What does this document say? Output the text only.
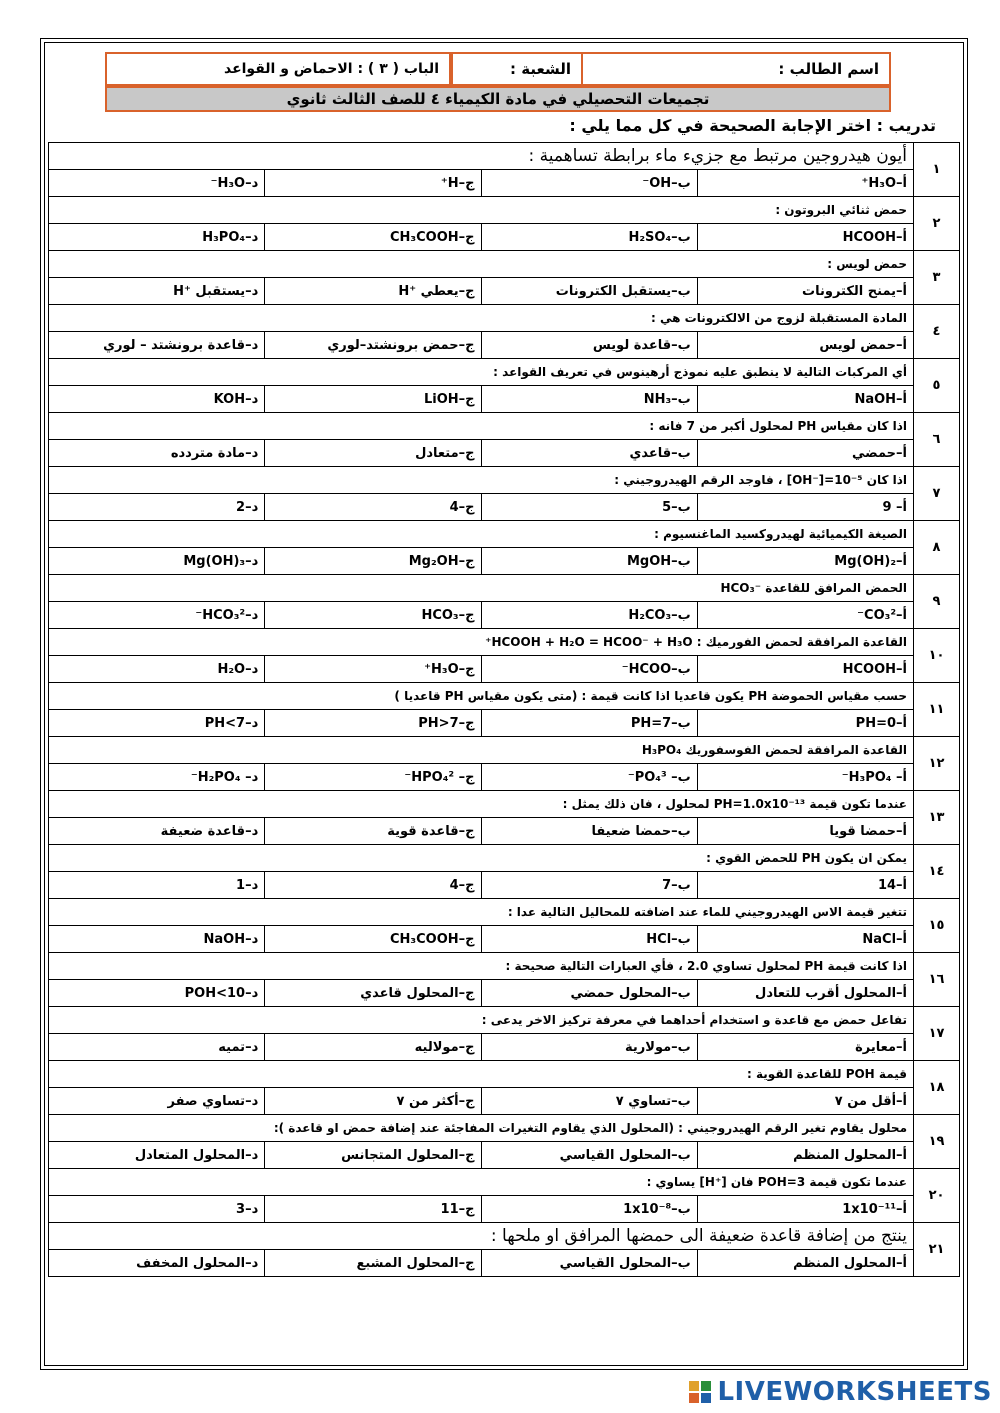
اسم الطالب :
الشعبة :
الباب ( ٣ ) : الاحماض و القواعد
تجميعات التحصيلي في مادة الكيمياء ٤ للصف الثالث ثانوي
تدريب : اختر الإجابة الصحيحة في كل مما يلي :
١	أيون هيدروجين مرتبط مع جزيء ماء برابطة تساهمية :			
	أ–H₃O⁺	ب–OH⁻	ج–H⁺	د–H₃O⁻
٢	حمض ثنائي البروتون :			
	أ–HCOOH	ب–H₂SO₄	ج–CH₃COOH	د–H₃PO₄
٣	حمض لويس :			
	أ–يمنح الكترونات	ب–يستقبل الكترونات	ج–يعطي ⁺H	د–يستقبل ⁺H
٤	المادة المستقبلة لزوج من الالكترونات هي :			
	أ–حمض لويس	ب–قاعدة لويس	ج–حمض برونشتد–لوري	د–قاعدة برونشتد – لوري
٥	أي المركبات التالية لا ينطبق عليه نموذج أرهينوس في تعريف القواعد :			
	أ–NaOH	ب–NH₃	ج–LiOH	د–KOH
٦	اذا كان مقياس PH لمحلول أكبر من 7 فانه :			
	أ–حمضي	ب–قاعدي	ج–متعادل	د–مادة متردده
٧	اذا كان ⁵⁻10=[⁻OH] ، فاوجد الرقم الهيدروجيني :			
	أ– 9	ب–5	ج–4	د–2
٨	الصيغة الكيميائية لهيدروكسيد الماغنسيوم :			
	أ–Mg(OH)₂	ب–MgOH	ج–Mg₂OH	د–Mg(OH)₃
٩	الحمض المرافق للقاعدة ⁻HCO₃			
	أ–CO₃²⁻	ب–H₂CO₃	ج–HCO₃	د–HCO₃²⁻
١٠	القاعدة المرافقة لحمض الفورميك : HCOOH + H₂O = HCOO⁻ + H₃O⁺			
	أ–HCOOH	ب–HCOO⁻	ج–H₃O⁺	د–H₂O
١١	حسب مقياس الحموضة PH يكون قاعديا اذا كانت قيمة : (متى يكون مقياس PH قاعديا )			
	أ–PH=0	ب–PH=7	ج–PH>7	د–PH<7
١٢	القاعدة المرافقة لحمض الفوسفوريك H₃PO₄			
	أ– H₃PO₄⁻	ب– PO₄³⁻	ج– HPO₄²⁻	د– H₂PO₄⁻
١٣	عندما تكون قيمة ¹³⁻PH=1.0x10 لمحلول ، فان ذلك يمثل :			
	أ–حمضا قويا	ب–حمضا ضعيفا	ج–قاعدة قوية	د–قاعدة ضعيفة
١٤	يمكن ان يكون PH للحمض القوي :			
	أ–14	ب–7	ج–4	د–1
١٥	تتغير قيمة الاس الهيدروجيني للماء عند اضافته للمحاليل التالية عدا :			
	أ–NaCl	ب–HCl	ج–CH₃COOH	د–NaOH
١٦	اذا كانت قيمة PH لمحلول تساوي 2.0 ، فأي العبارات التالية صحيحة :			
	أ–المحلول أقرب للتعادل	ب–المحلول حمضي	ج–المحلول قاعدي	د–POH<10
١٧	تفاعل حمض مع قاعدة و استخدام أحداهما في معرفة تركيز الاخر يدعى :			
	أ–معايرة	ب–مولارية	ج–مولاليه	د–تميه
١٨	قيمة POH للقاعدة القوية :			
	أ–أقل من ٧	ب–تساوي ٧	ج–أكثر من ٧	د–تساوي صفر
١٩	محلول يقاوم تغير الرقم الهيدروجيني : (المحلول الذي يقاوم التغيرات المفاجئة عند إضافة حمض او قاعدة ):			
	أ–المحلول المنظم	ب–المحلول القياسي	ج–المحلول المتجانس	د–المحلول المتعادل
٢٠	عندما تكون قيمة POH=3 فان [⁺H] يساوي :			
	أ–¹¹⁻1x10	ب–⁸⁻1x10	ج–11	د–3
٢١	ينتج من إضافة قاعدة ضعيفة الى حمضها المرافق او ملحها :			
	أ–المحلول المنظم	ب–المحلول القياسي	ج–المحلول المشبع	د–المحلول المخفف
LIVEWORKSHEETS
